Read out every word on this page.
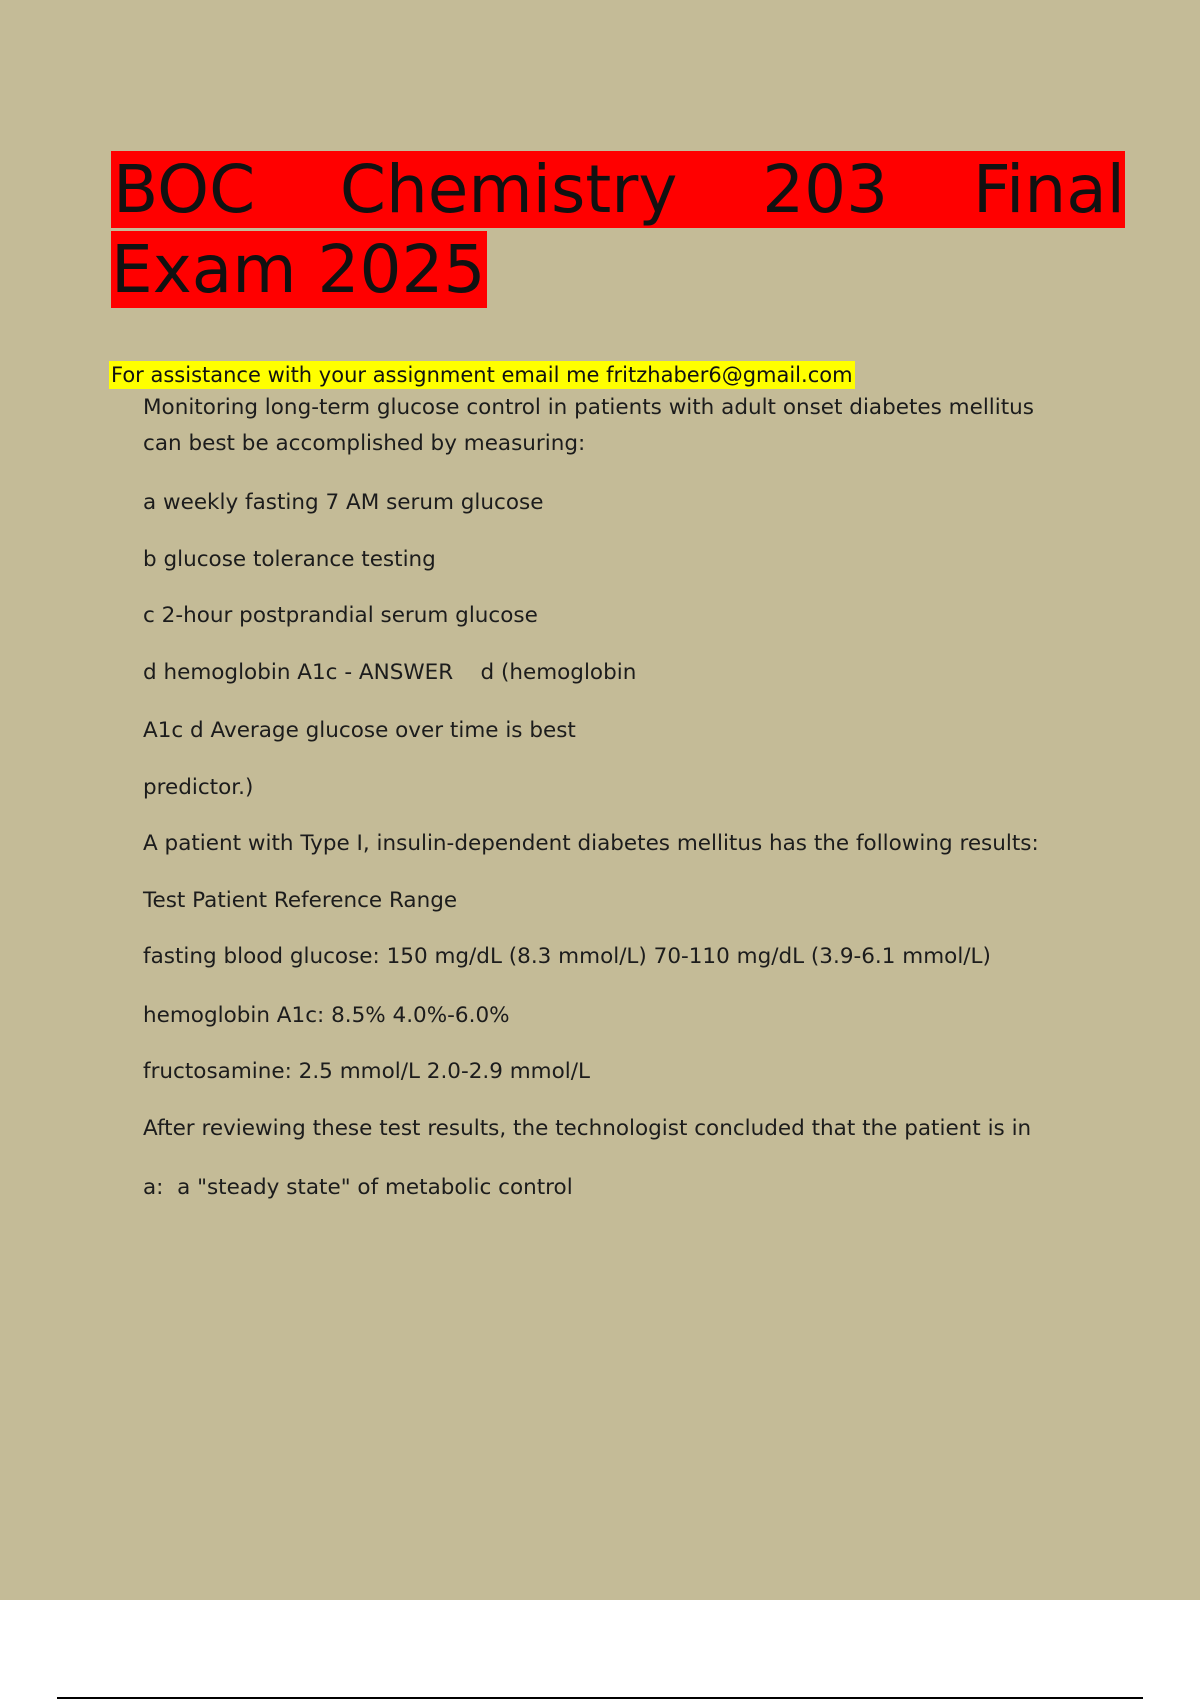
BOC Chemistry 203 Final Exam 2025
For assistance with your assignment email me fritzhaber6@gmail.com

Monitoring long-term glucose control in patients with adult onset diabetes mellitus

can best be accomplished by measuring:

a weekly fasting 7 AM serum glucose

b glucose tolerance testing

c 2-hour postprandial serum glucose

d hemoglobin A1c - ANSWER    d (hemoglobin

A1c d Average glucose over time is best

predictor.)

A patient with Type I, insulin-dependent diabetes mellitus has the following results:

Test Patient Reference Range

fasting blood glucose: 150 mg/dL (8.3 mmol/L) 70-110 mg/dL (3.9-6.1 mmol/L)

hemoglobin A1c: 8.5% 4.0%-6.0%

fructosamine: 2.5 mmol/L 2.0-2.9 mmol/L

After reviewing these test results, the technologist concluded that the patient is in

a:  a "steady state" of metabolic control
